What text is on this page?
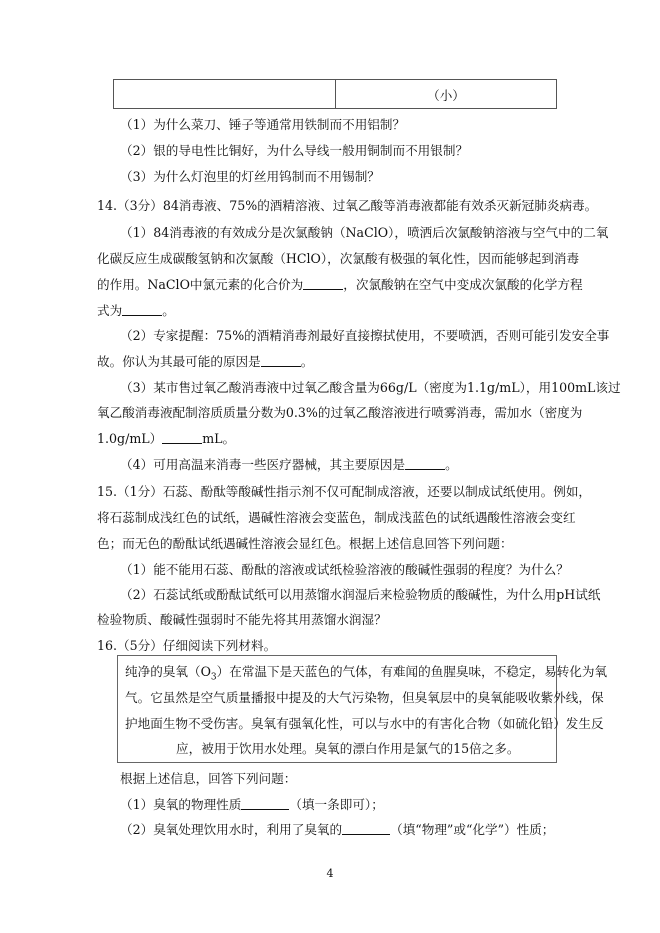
（小）
（1）为什么菜刀、锤子等通常用铁制而不用铝制？
（2）银的导电性比铜好，为什么导线一般用铜制而不用银制？
（3）为什么灯泡里的灯丝用钨制而不用锡制？
14.（3分）84消毒液、75%的酒精溶液、过氧乙酸等消毒液都能有效杀灭新冠肺炎病毒。
（1）84消毒液的有效成分是次氯酸钠（NaClO），喷洒后次氯酸钠溶液与空气中的二氧
化碳反应生成碳酸氢钠和次氯酸（HClO），次氯酸有极强的氧化性，因而能够起到消毒
的作用。NaClO中氯元素的化合价为	，次氯酸钠在空气中变成次氯酸的化学方程
式为	。
（2）专家提醒：75%的酒精消毒剂最好直接擦拭使用，不要喷洒，否则可能引发安全事
故。你认为其最可能的原因是	。
（3）某市售过氧乙酸消毒液中过氧乙酸含量为66g/L（密度为1.1g/mL），用100mL该过
氧乙酸消毒液配制溶质质量分数为0.3%的过氧乙酸溶液进行喷雾消毒，需加水（密度为
1.0g/mL）	mL。
（4）可用高温来消毒一些医疗器械，其主要原因是	。
15.（1分）石蕊、酚酞等酸碱性指示剂不仅可配制成溶液，还要以制成试纸使用。例如，
将石蕊制成浅红色的试纸，遇碱性溶液会变蓝色，制成浅蓝色的试纸遇酸性溶液会变红
色；而无色的酚酞试纸遇碱性溶液会显红色。根据上述信息回答下列问题：
（1）能不能用石蕊、酚酞的溶液或试纸检验溶液的酸碱性强弱的程度？为什么？
（2）石蕊试纸或酚酞试纸可以用蒸馏水润湿后来检验物质的酸碱性，为什么用pH试纸
检验物质、酸碱性强弱时不能先将其用蒸馏水润湿？
16.（5分）仔细阅读下列材料。
纯净的臭氧$(O_3)$在常温下是天蓝色的气体，有难闻的鱼腥臭味，不稳定，易转化为氧
气。它虽然是空气质量播报中提及的大气污染物，但臭氧层中的臭氧能吸收紫外线，保
护地面生物不受伤害。臭氧有强氧化性，可以与水中的有害化合物（如硫化铅）发生反
应，被用于饮用水处理。臭氧的漂白作用是氯气的15倍之多。
根据上述信息，回答下列问题：
（1）臭氧的物理性质	（填一条即可）；
（2）臭氧处理饮用水时，利用了臭氧的	（填“物理”或“化学”）性质；
4
